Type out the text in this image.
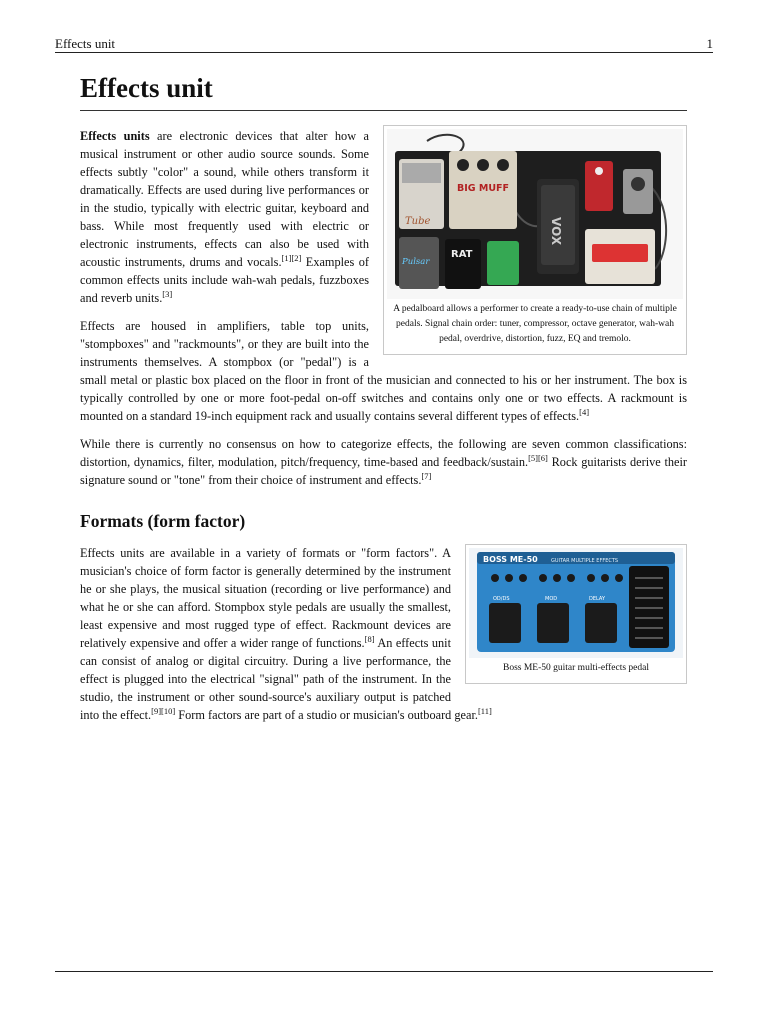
Effects unit	1
Effects unit
Tube
BIG MUFF
VOX
Pulsar
RAT
A pedalboard allows a performer to create a ready-to-use chain of multiple pedals. Signal chain order: tuner, compressor, octave generator, wah-wah pedal, overdrive, distortion, fuzz, EQ and tremolo.

Effects units are electronic devices that alter how a musical instrument or other audio source sounds. Some effects subtly "color" a sound, while others transform it dramatically. Effects are used during live performances or in the studio, typically with electric guitar, keyboard and bass. While most frequently used with electric or electronic instruments, effects can also be used with acoustic instruments, drums and vocals.[1][2] Examples of common effects units include wah-wah pedals, fuzzboxes and reverb units.[3]

Effects are housed in amplifiers, table top units, "stompboxes" and "rackmounts", or they are built into the instruments themselves. A stompbox (or "pedal") is a small metal or plastic box placed on the floor in front of the musician and connected to his or her instrument. The box is typically controlled by one or more foot-pedal on-off switches and contains only one or two effects. A rackmount is mounted on a standard 19-inch equipment rack and usually contains several different types of effects.[4]

While there is currently no consensus on how to categorize effects, the following are seven common classifications: distortion, dynamics, filter, modulation, pitch/frequency, time-based and feedback/sustain.[5][6] Rock guitarists derive their signature sound or "tone" from their choice of instrument and effects.[7]

Formats (form factor)
BOSS ME-50	GUITAR MULTIPLE EFFECTS
OD/DS	MOD	DELAY
Boss ME-50 guitar multi-effects pedal

Effects units are available in a variety of formats or "form factors". A musician's choice of form factor is generally determined by the instrument he or she plays, the musical situation (recording or live performance) and what he or she can afford. Stompbox style pedals are usually the smallest, least expensive and most rugged type of effect. Rackmount devices are relatively expensive and offer a wider range of functions.[8] An effects unit can consist of analog or digital circuitry. During a live performance, the effect is plugged into the electrical "signal" path of the instrument. In the studio, the instrument or other sound-source's auxiliary output is patched into the effect.[9][10] Form factors are part of a studio or musician's outboard gear.[11]
